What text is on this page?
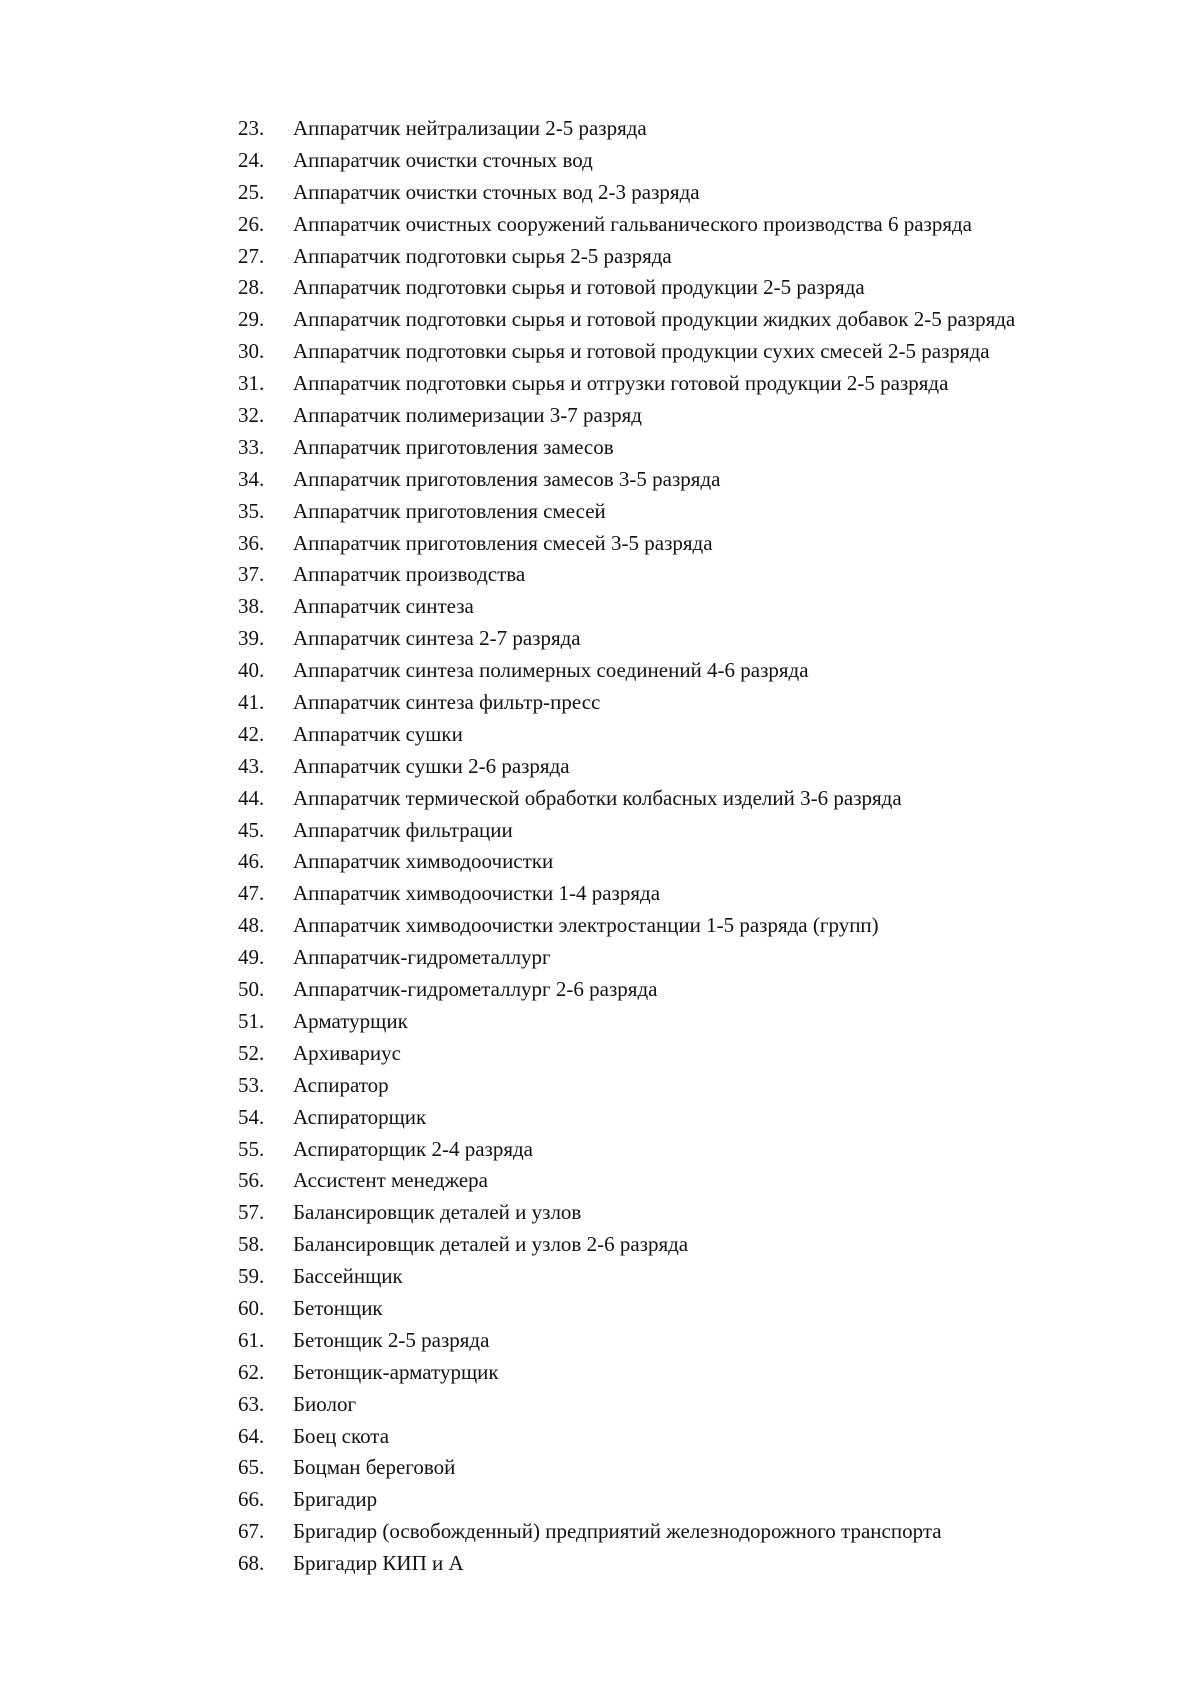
23.	Аппаратчик нейтрализации 2-5 разряда
24.	Аппаратчик очистки сточных вод
25.	Аппаратчик очистки сточных вод 2-3 разряда
26.	Аппаратчик очистных сооружений гальванического производства 6 разряда
27.	Аппаратчик подготовки сырья 2-5 разряда
28.	Аппаратчик подготовки сырья и готовой продукции 2-5 разряда
29.	Аппаратчик подготовки сырья и готовой продукции жидких добавок 2-5 разряда
30.	Аппаратчик подготовки сырья и готовой продукции сухих смесей 2-5 разряда
31.	Аппаратчик подготовки сырья и отгрузки готовой продукции 2-5 разряда
32.	Аппаратчик полимеризации 3-7 разряд
33.	Аппаратчик приготовления замесов
34.	Аппаратчик приготовления замесов 3-5 разряда
35.	Аппаратчик приготовления смесей
36.	Аппаратчик приготовления смесей 3-5 разряда
37.	Аппаратчик производства
38.	Аппаратчик синтеза
39.	Аппаратчик синтеза 2-7 разряда
40.	Аппаратчик синтеза полимерных соединений 4-6 разряда
41.	Аппаратчик синтеза фильтр-пресс
42.	Аппаратчик сушки
43.	Аппаратчик сушки 2-6 разряда
44.	Аппаратчик термической обработки колбасных изделий 3-6 разряда
45.	Аппаратчик фильтрации
46.	Аппаратчик химводоочистки
47.	Аппаратчик химводоочистки 1-4 разряда
48.	Аппаратчик химводоочистки электростанции 1-5 разряда (групп)
49.	Аппаратчик-гидрометаллург
50.	Аппаратчик-гидрометаллург 2-6 разряда
51.	Арматурщик
52.	Архивариус
53.	Аспиратор
54.	Аспираторщик
55.	Аспираторщик 2-4 разряда
56.	Ассистент менеджера
57.	Балансировщик деталей и узлов
58.	Балансировщик деталей и узлов 2-6 разряда
59.	Бассейнщик
60.	Бетонщик
61.	Бетонщик 2-5 разряда
62.	Бетонщик-арматурщик
63.	Биолог
64.	Боец скота
65.	Боцман береговой
66.	Бригадир
67.	Бригадир (освобожденный) предприятий железнодорожного транспорта
68.	Бригадир КИП и А
